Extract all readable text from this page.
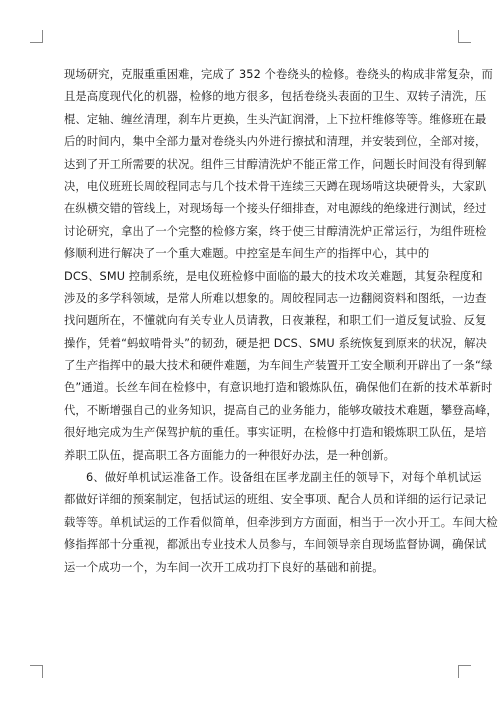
现场研究，克服重重困难，完成了 352 个卷绕头的检修。卷绕头的构成非常复杂，而
且是高度现代化的机器，检修的地方很多，包括卷绕头表面的卫生、双转子清洗，压
棍、定轴、缠丝清理，刹车片更换，生头汽缸润滑，上下拉杆维修等等。维修班在最
后的时间内，集中全部力量对卷绕头内外进行擦拭和清理，并安装到位，全部对接，
达到了开工所需要的状况。组件三甘醇清洗炉不能正常工作，问题长时间没有得到解
决，电仪班班长周皎程同志与几个技术骨干连续三天蹲在现场啃这块硬骨头，大家趴
在纵横交错的管线上，对现场每一个接头仔细排查，对电源线的绝缘进行测试，经过
讨论研究，拿出了一个完整的检修方案，终于使三甘醇清洗炉正常运行，为组件班检
修顺利进行解决了一个重大难题。中控室是车间生产的指挥中心，其中的
DCS、SMU 控制系统，是电仪班检修中面临的最大的技术攻关难题，其复杂程度和
涉及的多学科领域，是常人所难以想象的。周皎程同志一边翻阅资料和图纸，一边查
找问题所在，不懂就向有关专业人员请教，日夜兼程，和职工们一道反复试验、反复
操作，凭着“蚂蚁啃骨头”的韧劲，硬是把 DCS、SMU 系统恢复到原来的状况，解决
了生产指挥中的最大技术和硬件难题，为车间生产装置开工安全顺利开辟出了一条“绿
色”通道。长丝车间在检修中，有意识地打造和锻炼队伍，确保他们在新的技术革新时
代，不断增强自己的业务知识，提高自己的业务能力，能够攻破技术难题，攀登高峰，
很好地完成为生产保驾护航的重任。事实证明，在检修中打造和锻炼职工队伍，是培
养职工队伍，提高职工各方面能力的一种很好办法，是一种创新。

6、做好单机试运准备工作。设备组在匡孝龙副主任的领导下，对每个单机试运
都做好详细的预案制定，包括试运的班组、安全事项、配合人员和详细的运行记录记
载等等。单机试运的工作看似简单，但牵涉到方方面面，相当于一次小开工。车间大检
修指挥部十分重视，都派出专业技术人员参与，车间领导亲自现场监督协调，确保试
运一个成功一个，为车间一次开工成功打下良好的基础和前提。
